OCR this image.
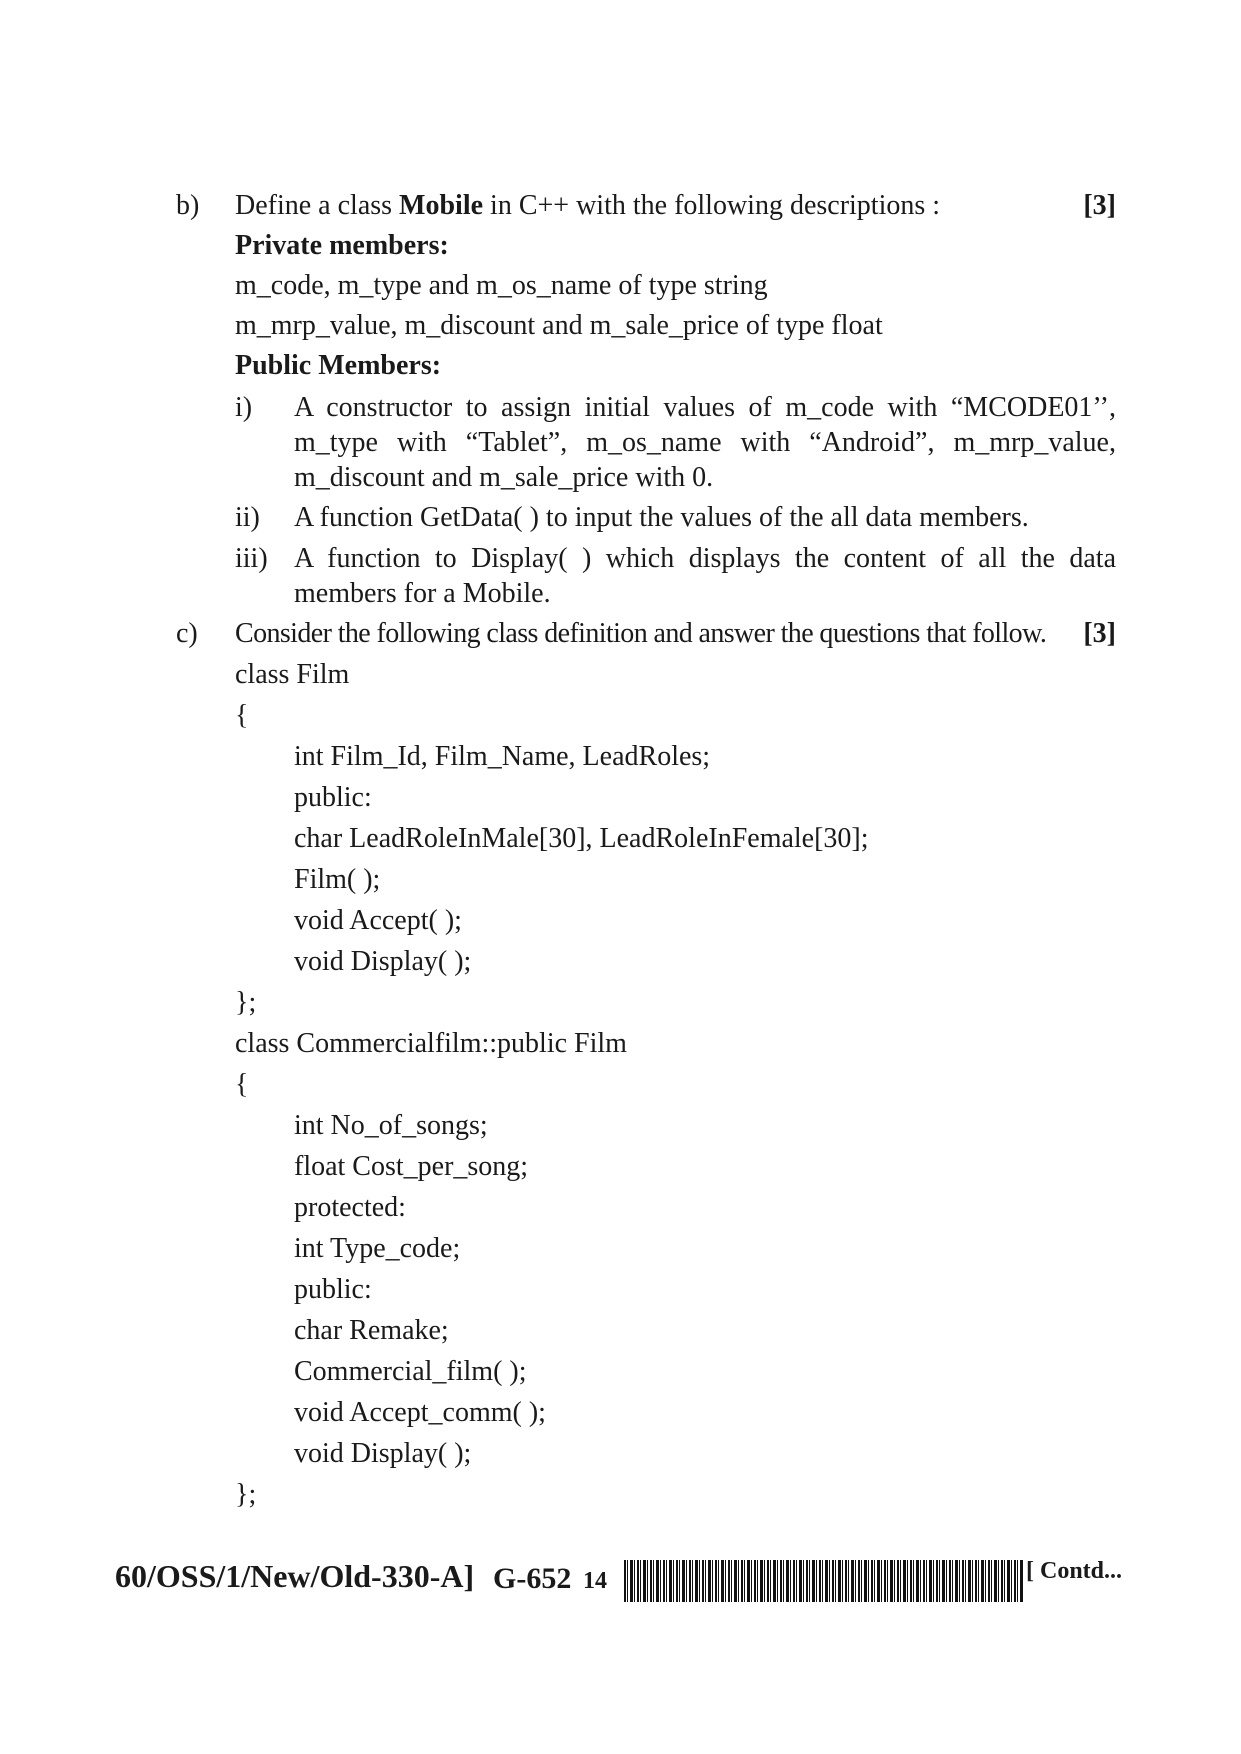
b) Define a class Mobile in C++ with the following descriptions :	[3]
Private members:
m_code, m_type and m_os_name of type string
m_mrp_value, m_discount and m_sale_price of type float
Public Members:
i) A constructor to assign initial values of m_code with “MCODE01’’,
m_type with “Tablet”, m_os_name with “Android”, m_mrp_value,
m_discount and m_sale_price with 0.
ii) A function GetData( ) to input the values of the all data members.
iii) A function to Display( ) which displays the content of all the data
members for a Mobile.
c) Consider the following class definition and answer the questions that follow. [3]
class Film
{
int Film_Id, Film_Name, LeadRoles;
public:
char LeadRoleInMale[30], LeadRoleInFemale[30];
Film( );
void Accept( );
void Display( );
};
class Commercialfilm::public Film
{
int No_of_songs;
float Cost_per_song;
protected:
int Type_code;
public:
char Remake;
Commercial_film( );
void Accept_comm( );
void Display( );
};
60/OSS/1/New/Old-330-A] G-652 14	[ Contd...
